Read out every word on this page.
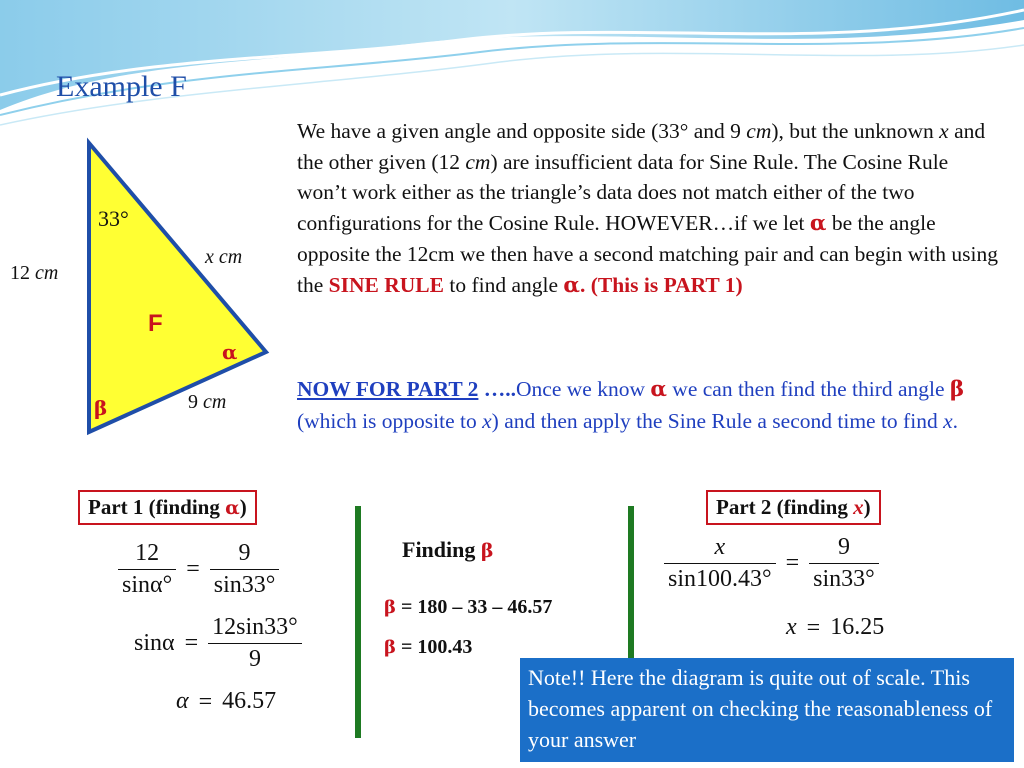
Example F
33°
12 cm
x cm
9 cm
F
α
β
We have a given angle and opposite side (33° and 9 cm), but the unknown x and the other given (12 cm) are insufficient data for Sine Rule. The Cosine Rule won’t work either as the triangle’s data does not match either of the two configurations for the Cosine Rule. HOWEVER…if we let α be the angle opposite the 12cm we then have a second matching pair and can begin with using the SINE RULE to find angle α. (This is PART 1)
NOW FOR PART 2 …..Once we know α we can then find the third angle β (which is opposite to x) and then apply the Sine Rule a second time to find x.
Part 1 (finding α)
$\frac{12}{\sin\alpha^\circ} = \frac{9}{\sin 33^\circ}$
$\sin\alpha = \frac{12\sin 33^\circ}{9}$
α = 46.57
Finding β
β = 180 – 33 – 46.57
β = 100.43
Part 2 (finding x)
$\frac{x}{\sin 100.43^\circ} = \frac{9}{\sin 33^\circ}$
x = 16.25
Note!! Here the diagram is quite out of scale. This becomes apparent on checking the reasonableness of your answer
